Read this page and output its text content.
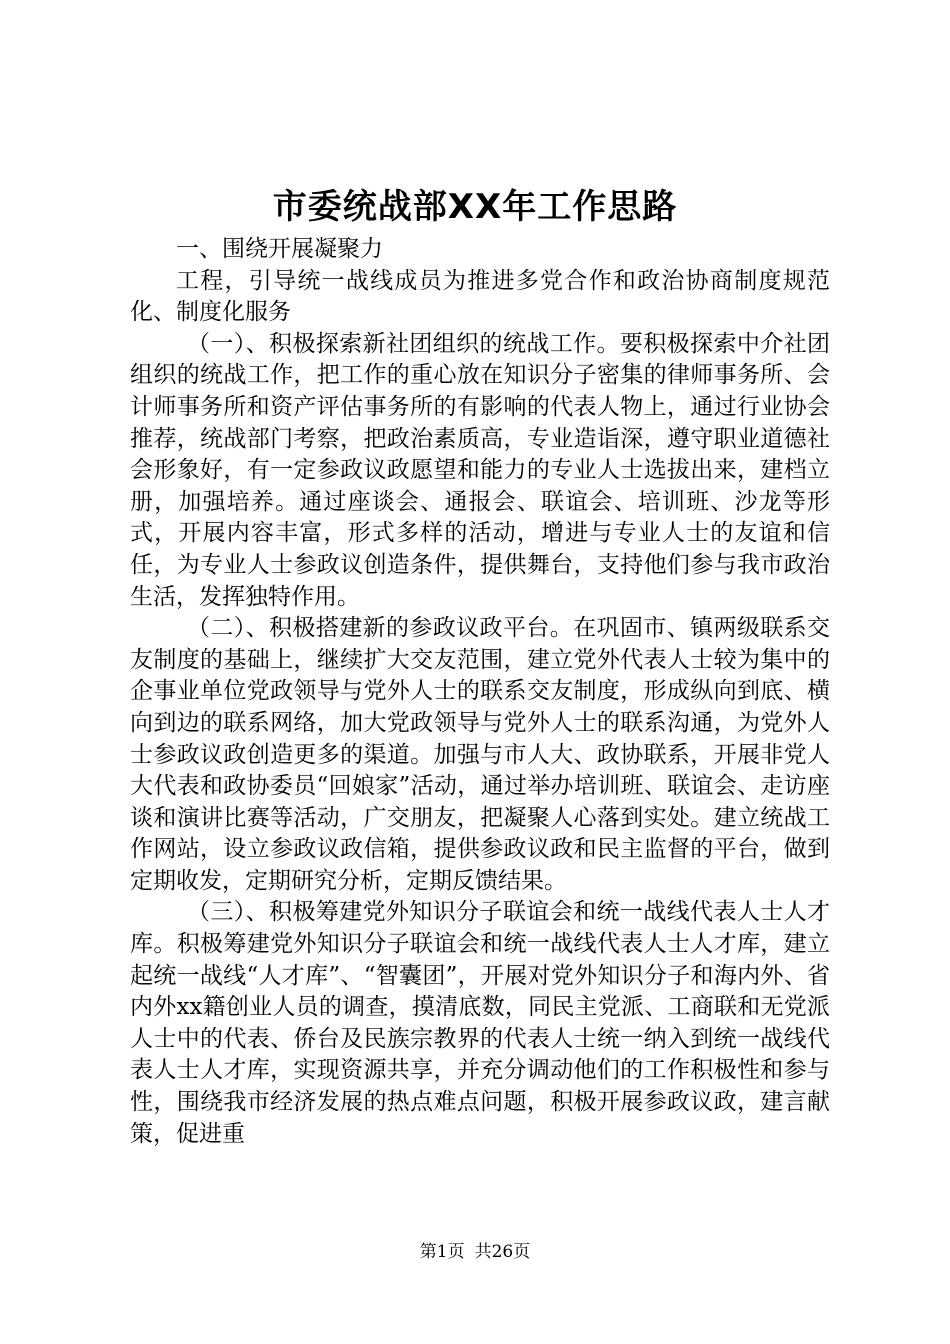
市委统战部XX年工作思路

一、围绕开展凝聚力

工程，引导统一战线成员为推进多党合作和政治协商制度规范化、制度化服务

（一）、积极探索新社团组织的统战工作。要积极探索中介社团组织的统战工作，把工作的重心放在知识分子密集的律师事务所、会计师事务所和资产评估事务所的有影响的代表人物上，通过行业协会推荐，统战部门考察，把政治素质高，专业造诣深，遵守职业道德社会形象好，有一定参政议政愿望和能力的专业人士选拔出来，建档立册，加强培养。通过座谈会、通报会、联谊会、培训班、沙龙等形式，开展内容丰富，形式多样的活动，增进与专业人士的友谊和信任，为专业人士参政议创造条件，提供舞台，支持他们参与我市政治生活，发挥独特作用。

（二）、积极搭建新的参政议政平台。在巩固市、镇两级联系交友制度的基础上，继续扩大交友范围，建立党外代表人士较为集中的企事业单位党政领导与党外人士的联系交友制度，形成纵向到底、横向到边的联系网络，加大党政领导与党外人士的联系沟通，为党外人士参政议政创造更多的渠道。加强与市人大、政协联系，开展非党人大代表和政协委员“回娘家”活动，通过举办培训班、联谊会、走访座谈和演讲比赛等活动，广交朋友，把凝聚人心落到实处。建立统战工作网站，设立参政议政信箱，提供参政议政和民主监督的平台，做到定期收发，定期研究分析，定期反馈结果。

（三）、积极筹建党外知识分子联谊会和统一战线代表人士人才库。积极筹建党外知识分子联谊会和统一战线代表人士人才库，建立起统一战线“人才库”、“智囊团”，开展对党外知识分子和海内外、省内外xx籍创业人员的调查，摸清底数，同民主党派、工商联和无党派人士中的代表、侨台及民族宗教界的代表人士统一纳入到统一战线代表人士人才库，实现资源共享，并充分调动他们的工作积极性和参与性，围绕我市经济发展的热点难点问题，积极开展参政议政，建言献策，促进重

第1页 共26页
